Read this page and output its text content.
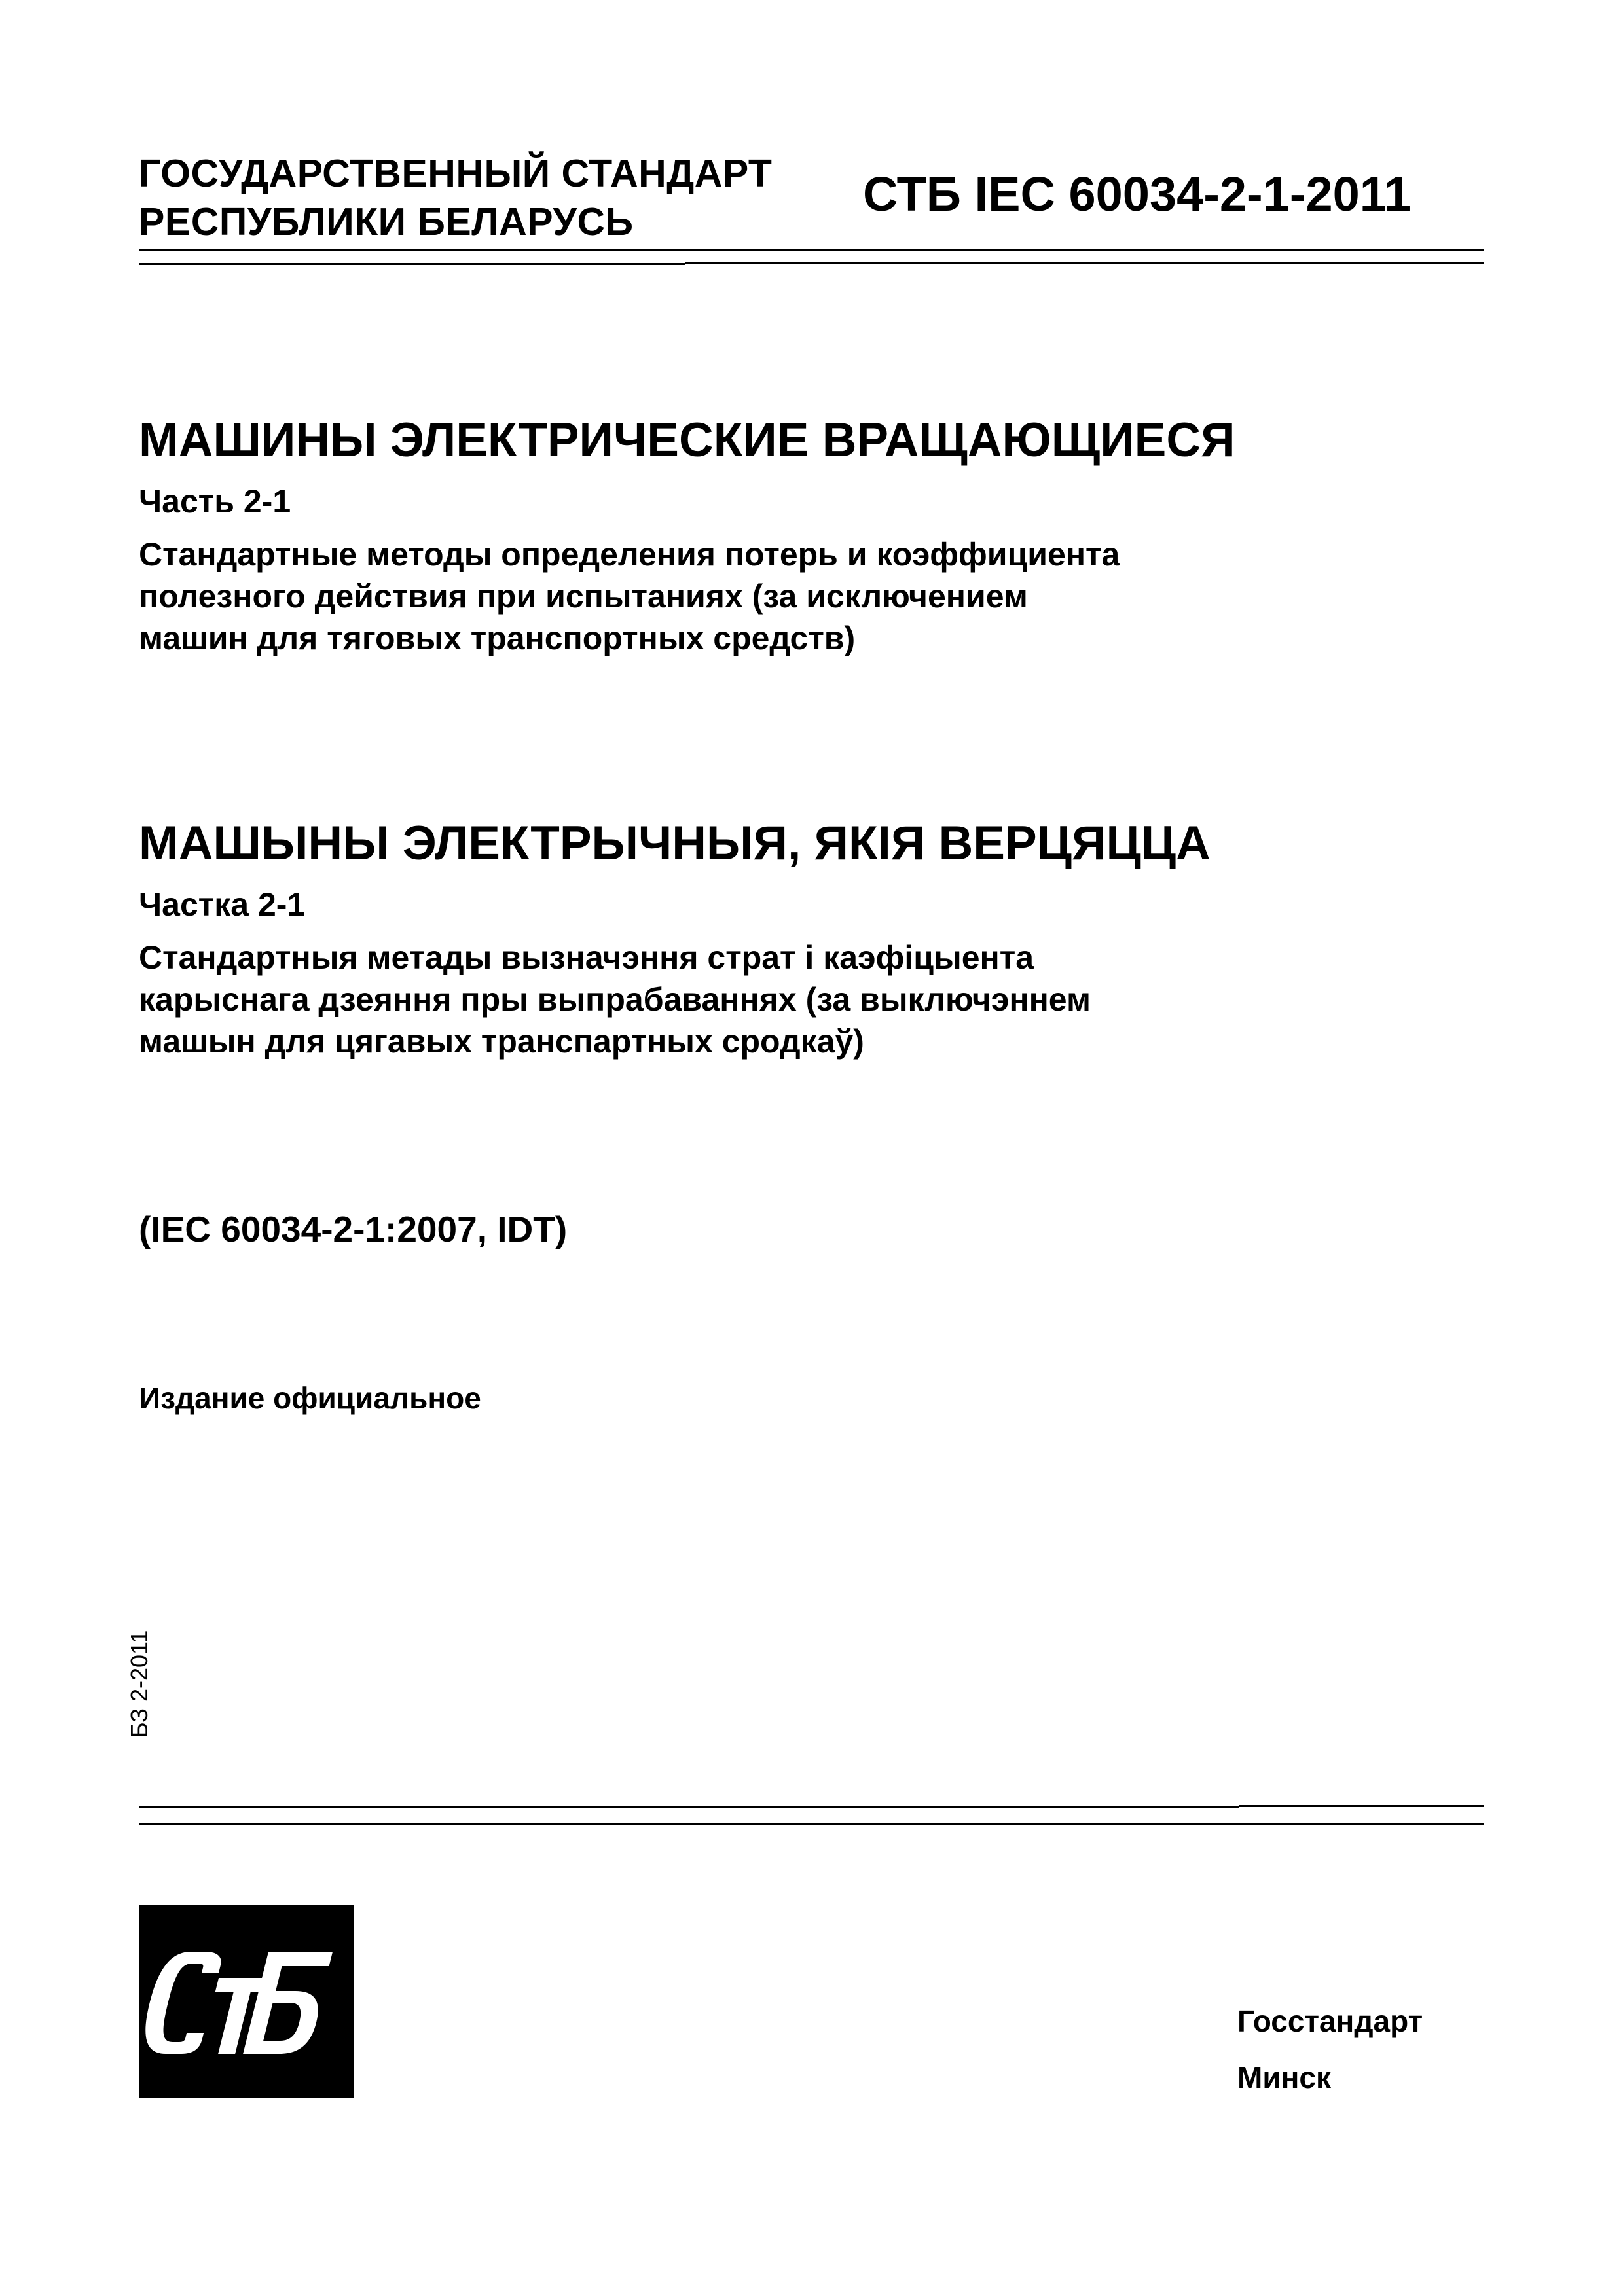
ГОСУДАРСТВЕННЫЙ СТАНДАРТ
РЕСПУБЛИКИ БЕЛАРУСЬ
СТБ IEC 60034-2-1-2011
МАШИНЫ ЭЛЕКТРИЧЕСКИЕ ВРАЩАЮЩИЕСЯ
Часть 2-1
Стандартные методы определения потерь и коэффициента
полезного действия при испытаниях (за исключением
машин для тяговых транспортных средств)
МАШЫНЫ ЭЛЕКТРЫЧНЫЯ, ЯКІЯ ВЕРЦЯЦЦА
Частка 2-1
Стандартныя метады вызначэння страт і каэфіцыента
карыснага дзеяння пры выпрабаваннях (за выключэннем
машын для цягавых транспартных сродкаў)
(IEC 60034-2-1:2007, IDT)
Издание официальное
БЗ 2-2011
Госстандарт
Минск
